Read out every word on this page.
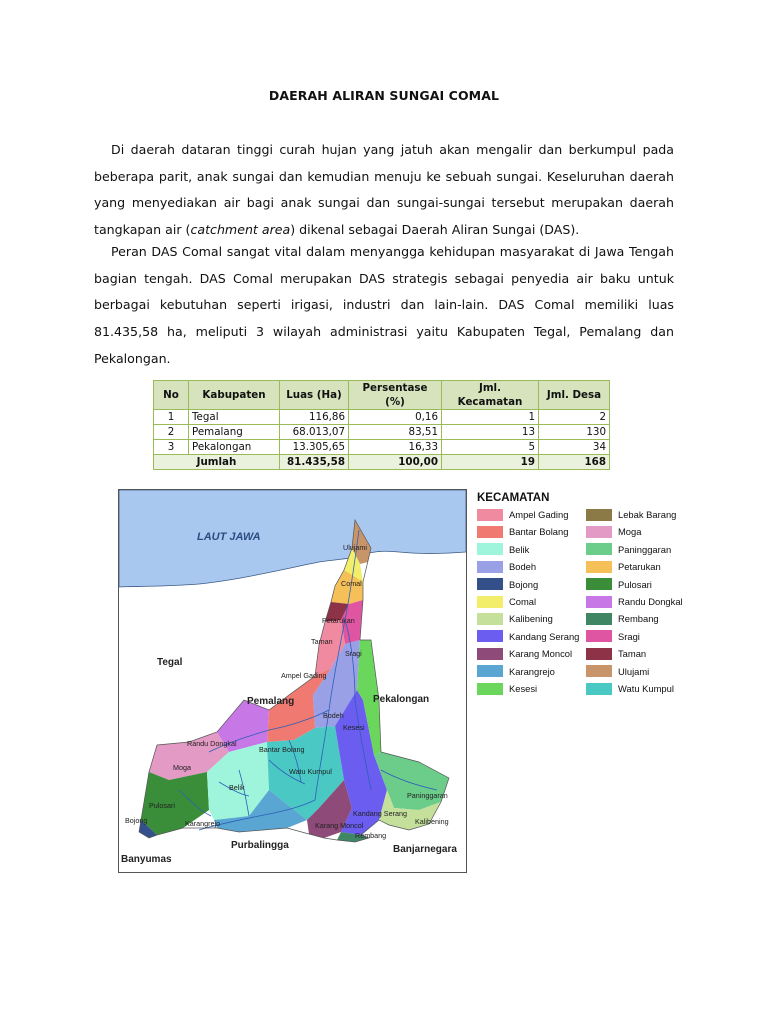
DAERAH ALIRAN SUNGAI COMAL

Di daerah dataran tinggi curah hujan yang jatuh akan mengalir dan berkumpul pada beberapa parit, anak sungai dan kemudian menuju ke sebuah sungai. Keseluruhan daerah yang menyediakan air bagi anak sungai dan sungai-sungai tersebut merupakan daerah tangkapan air (catchment area) dikenal sebagai Daerah Aliran Sungai (DAS).

Peran DAS Comal sangat vital dalam menyangga kehidupan masyarakat di Jawa Tengah bagian tengah. DAS Comal merupakan DAS strategis sebagai penyedia air baku untuk berbagai kebutuhan seperti irigasi, industri dan lain-lain. DAS Comal memiliki luas 81.435,58 ha, meliputi 3 wilayah administrasi yaitu Kabupaten Tegal, Pemalang dan Pekalongan.

No	Kabupaten	Luas (Ha)	Persentase (%)	Jml. Kecamatan	Jml. Desa
1	Tegal	116,86	0,16	1	2
2	Pemalang	68.013,07	83,51	13	130
3	Pekalongan	13.305,65	16,33	5	34
Jumlah		81.435,58	100,00	19	168
LAUT JAWA
Tegal
Pemalang	Pekalongan
Purbalingga
Banyumas
Banjarnegara
Ulujami
Comal
Petarukan
Taman
Sragi
Ampel Gading
Bodeh
Kesesi
Randu Dongkal
Bantar Bolang
Watu Kumpul
Moga
Belik
Pulosari
Bojong	Karangrejo	Karang Moncol
Kandang Serang
Paninggaran
Kalibening
Rembang
KECAMATAN
Ampel Gading
Bantar Bolang
Belik
Bodeh
Bojong
Comal
Kalibening
Kandang Serang
Karang Moncol
Karangrejo
Kesesi
Lebak Barang
Moga
Paninggaran
Petarukan
Pulosari
Randu Dongkal
Rembang
Sragi
Taman
Ulujami
Watu Kumpul
